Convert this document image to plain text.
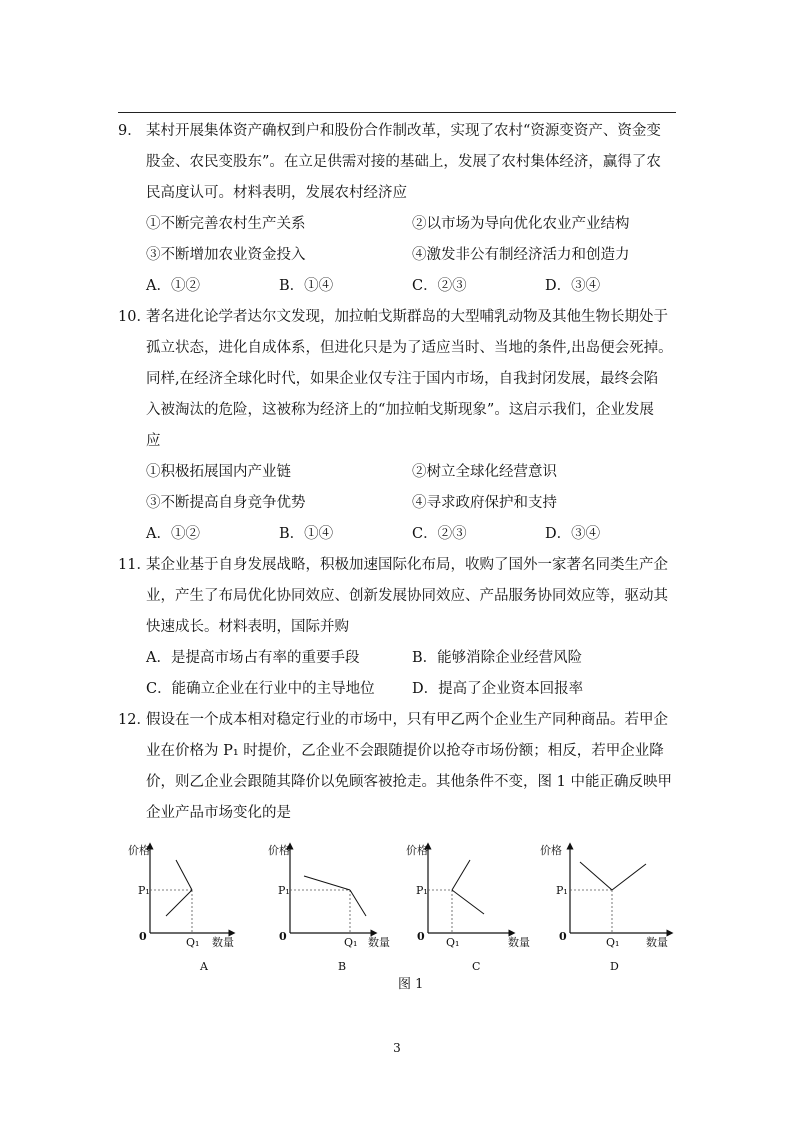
9． 某村开展集体资产确权到户和股份合作制改革，实现了农村“资源变资产、资金变
股金、农民变股东”。在立足供需对接的基础上，发展了农村集体经济，赢得了农
民高度认可。材料表明，发展农村经济应

①不断完善农村生产关系	②以市场为导向优化农业产业结构
③不断增加农业资金投入	④激发非公有制经济活力和创造力
A．①②	B．①④	C．②③	D．③④

10．著名进化论学者达尔文发现，加拉帕戈斯群岛的大型哺乳动物及其他生物长期处于
孤立状态，进化自成体系，但进化只是为了适应当时、当地的条件,出岛便会死掉。
同样,在经济全球化时代，如果企业仅专注于国内市场，自我封闭发展，最终会陷
入被淘汰的危险，这被称为经济上的“加拉帕戈斯现象”。这启示我们，企业发展
应

①积极拓展国内产业链	②树立全球化经营意识
③不断提高自身竞争优势	④寻求政府保护和支持
A．①②	B．①④	C．②③	D．③④

11．某企业基于自身发展战略，积极加速国际化布局，收购了国外一家著名同类生产企
业，产生了布局优化协同效应、创新发展协同效应、产品服务协同效应等，驱动其
快速成长。材料表明，国际并购

A．是提高市场占有率的重要手段	B．能够消除企业经营风险
C．能确立企业在行业中的主导地位	D．提高了企业资本回报率

12．假设在一个成本相对稳定行业的市场中，只有甲乙两个企业生产同种商品。若甲企
业在价格为 P₁ 时提价，乙企业不会跟随提价以抢夺市场份额；相反，若甲企业降
价，则乙企业会跟随其降价以免顾客被抢走。其他条件不变，图 1 中能正确反映甲
企业产品市场变化的是

价格
P₁
0	Q₁ 数量
A
价格
P₁
0	Q₁ 数量
B
价格
P₁
0 Q₁	数量
C
价格
P₁
0	Q₁ 数量
D
图 1
3
